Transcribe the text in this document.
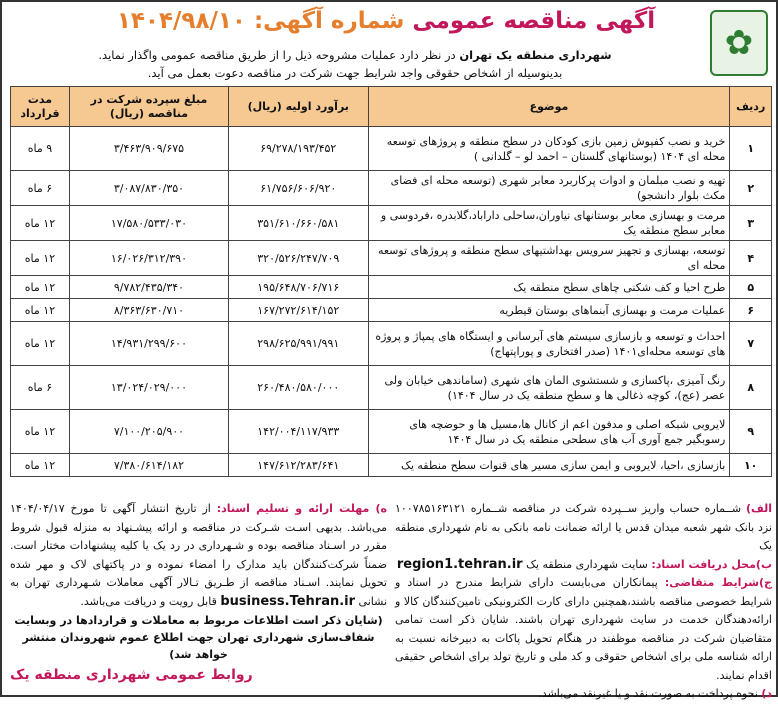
✿
آگهی مناقصه عمومی شماره آگهی: ۱۴۰۴/۹۸/۱۰
شهرداری منطقه یک تهران در نظر دارد عملیات مشروحه ذیل را از طریق مناقصه عمومی واگذار نماید.
بدینوسیله از اشخاص حقوقی واجد شرایط جهت شرکت در مناقصه دعوت بعمل می آید.
ردیف	موضوع	برآورد اولیه (ریال)	مبلغ سپرده شرکت در مناقصه (ریال)	مدت قرارداد
۱	خرید و نصب کفپوش زمین بازی کودکان در سطح منطقه و پروژهای توسعه محله ای ۱۴۰۴ (بوستانهای گلستان – احمد لو – گلدانی )	۶۹/۲۷۸/۱۹۳/۴۵۲	۳/۴۶۳/۹۰۹/۶۷۵	۹ ماه
۲	تهیه و نصب مبلمان و ادوات پرکاربرد معابر شهری (توسعه محله ای فضای مکث بلوار دانشجو)	۶۱/۷۵۶/۶۰۶/۹۲۰	۳/۰۸۷/۸۳۰/۳۵۰	۶ ماه
۳	مرمت و بهسازی معابر بوستانهای نیاوران،ساحلی داراباد،گلابدره ،فردوسی و معابر سطح منطقه یک	۳۵۱/۶۱۰/۶۶۰/۵۸۱	۱۷/۵۸۰/۵۳۳/۰۳۰	۱۲ ماه
۴	توسعه، بهسازی و تجهیز سرویس بهداشتیهای سطح منطقه و پروژهای توسعه محله ای	۳۲۰/۵۲۶/۲۴۷/۷۰۹	۱۶/۰۲۶/۳۱۲/۳۹۰	۱۲ ماه
۵	طرح احیا و کف شکنی چاهای سطح منطقه یک	۱۹۵/۶۴۸/۷۰۶/۷۱۶	۹/۷۸۲/۴۳۵/۳۴۰	۱۲ ماه
۶	عملیات مرمت و بهسازی آبنماهای بوستان قیطریه	۱۶۷/۲۷۲/۶۱۴/۱۵۲	۸/۳۶۳/۶۳۰/۷۱۰	۱۲ ماه
۷	احداث و توسعه و بازسازی سیستم های آبرسانی و ایستگاه های پمپاژ و پروژه های توسعه محله‌ای۱۴۰۱ (صدر افتخاری و پوراپتهاج)	۲۹۸/۶۲۵/۹۹۱/۹۹۱	۱۴/۹۳۱/۲۹۹/۶۰۰	۱۲ ماه
۸	رنگ آمیزی ،پاکسازی و شستشوی المان های شهری (ساماندهی خیابان ولی عصر (عج)، کوچه ذغالی ها و سطح منطقه یک در سال ۱۴۰۴)	۲۶۰/۴۸۰/۵۸۰/۰۰۰	۱۳/۰۲۴/۰۲۹/۰۰۰	۶ ماه
۹	لایروبی شبکه اصلی و مدفون اعم از کانال ها،مسیل ها و حوضچه های رسوبگیر جمع آوری آب های سطحی منطقه یک در سال ۱۴۰۴	۱۴۲/۰۰۴/۱۱۷/۹۳۳	۷/۱۰۰/۲۰۵/۹۰۰	۱۲ ماه
۱۰	بازسازی ،احیا، لایروبی و ایمن سازی مسیر های قنوات سطح منطقه یک	۱۴۷/۶۱۲/۲۸۳/۶۴۱	۷/۳۸۰/۶۱۴/۱۸۲	۱۲ ماه

الف) شــماره حساب واریز ســپرده شرکت در مناقصه شــماره ۱۰۰۷۸۵۱۶۳۱۲۱ نزد بانک شهر شعبه میدان قدس یا ارائه ضمانت نامه بانکی به نام شهرداری منطقه یک

ب)محل دریافت اسناد: سایت شهرداری منطقه یک region1.tehran.ir

ج)شرایط متقاضی: پیمانکاران می‌بایست دارای شرایط مندرج در اسناد و شرایط خصوصی مناقصه باشند،همچنین دارای کارت الکترونیکی تامین‌کنندگان کالا و ارائه‌دهندگان خدمت در سایت شهرداری تهران باشند. شایان ذکر است تمامی متقاضیان شرکت در مناقصه موظفند در هنگام تحویل پاکات به دبیرخانه نسبت به ارائه شناسه ملی برای اشخاص حقوقی و کد ملی و تاریخ تولد برای اشخاص حقیقی اقدام نمایند.

د) نحوه پرداخت به صورت نقد و یا غیرنقد می‌باشد.

ه) مهلت ارائه و تسلیم اسناد: از تاریخ انتشار آگهی تا مورخ ۱۴۰۴/۰۴/۱۷ می‌باشد. بدیهی اسـت شـرکت در مناقصه و ارائه پیشـنهاد به منزله قبول شروط مقرر در اسـناد مناقصه بوده و شـهرداری در رد یک یا کلیه پیشنهادات مختار است. ضمناً شرکت‌کنندگان باید مدارک را امضاء نموده و در پاکتهای لاک و مهر شده تحویل نمایند. اسـناد مناقصه از طـریق تـالار آگهی معاملات شـهرداری تهران به نشانی business.Tehran.ir قابل رویت و دریافت می‌باشد.

(شایان ذکر است اطلاعات مربوط به معاملات و قراردادها در وبسایت شفاف‌سازی شهرداری تهران جهت اطلاع عموم شهروندان منتشر خواهد شد)

روابط عمومی شهرداری منطقه یک
